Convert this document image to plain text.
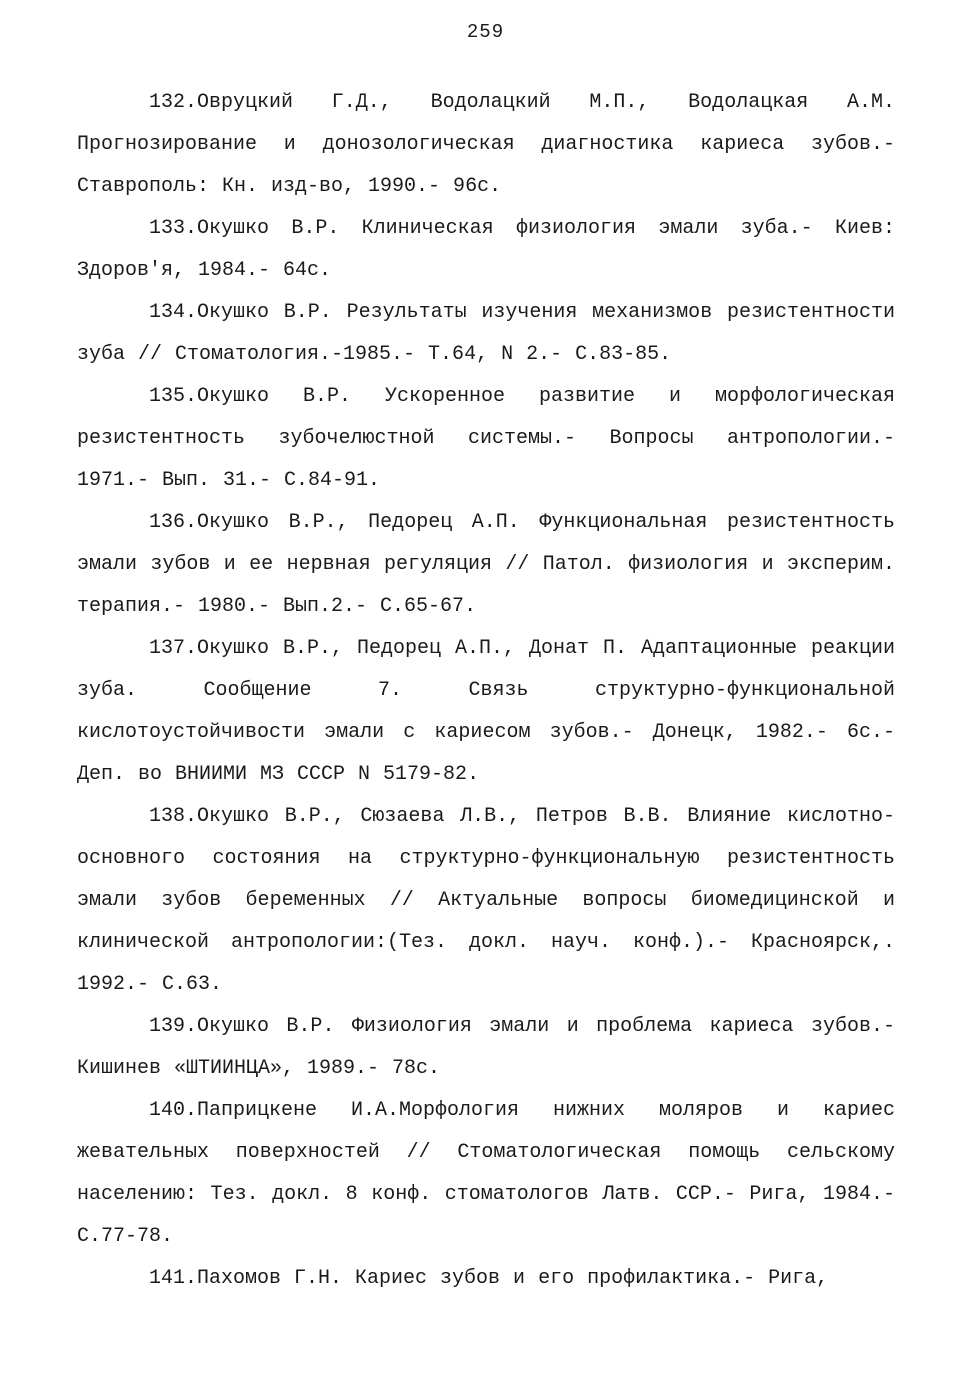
259

132.Овруцкий Г.Д., Водолацкий М.П., Водолацкая А.М. Прогнозирование и донозологическая диагностика кариеса зубов.- Ставрополь: Кн. изд-во, 1990.- 96с.

133.Окушко В.Р. Клиническая физиология эмали зуба.- Киев: Здоров'я, 1984.- 64с.

134.Окушко В.Р. Результаты изучения механизмов резистентности зуба // Стоматология.-1985.- Т.64, N 2.- С.83-85.

135.Окушко В.Р. Ускоренное развитие и морфологическая резистентность зубочелюстной системы.- Вопросы антропологии.- 1971.- Вып. 31.- С.84-91.

136.Окушко В.Р., Педорец А.П. Функциональная резистентность эмали зубов и ее нервная регуляция // Патол. физиология и эксперим. терапия.- 1980.- Вып.2.- С.65-67.

137.Окушко В.Р., Педорец А.П., Донат П. Адаптационные реакции зуба. Сообщение 7. Связь структурно-функциональной кислотоустойчивости эмали с кариесом зубов.- Донецк, 1982.- 6с.- Деп. во ВНИИМИ МЗ СССР N 5179-82.

138.Окушко В.Р., Сюзаева Л.В., Петров В.В. Влияние кислотно-основного состояния на структурно-функциональную резистентность эмали зубов беременных // Актуальные вопросы биомедицинской и клинической антропологии:(Тез. докл. науч. конф.).- Красноярск,. 1992.- С.63.

139.Окушко В.Р. Физиология эмали и проблема кариеса зубов.- Кишинев «ШТИИНЦА», 1989.- 78с.

140.Паприцкене И.А.Морфология нижних моляров и кариес жевательных поверхностей // Стоматологическая помощь сельскому населению: Тез. докл. 8 конф. стоматологов Латв. ССР.- Рига, 1984.- С.77-78.

141.Пахомов Г.Н. Кариес зубов и его профилактика.- Рига,
